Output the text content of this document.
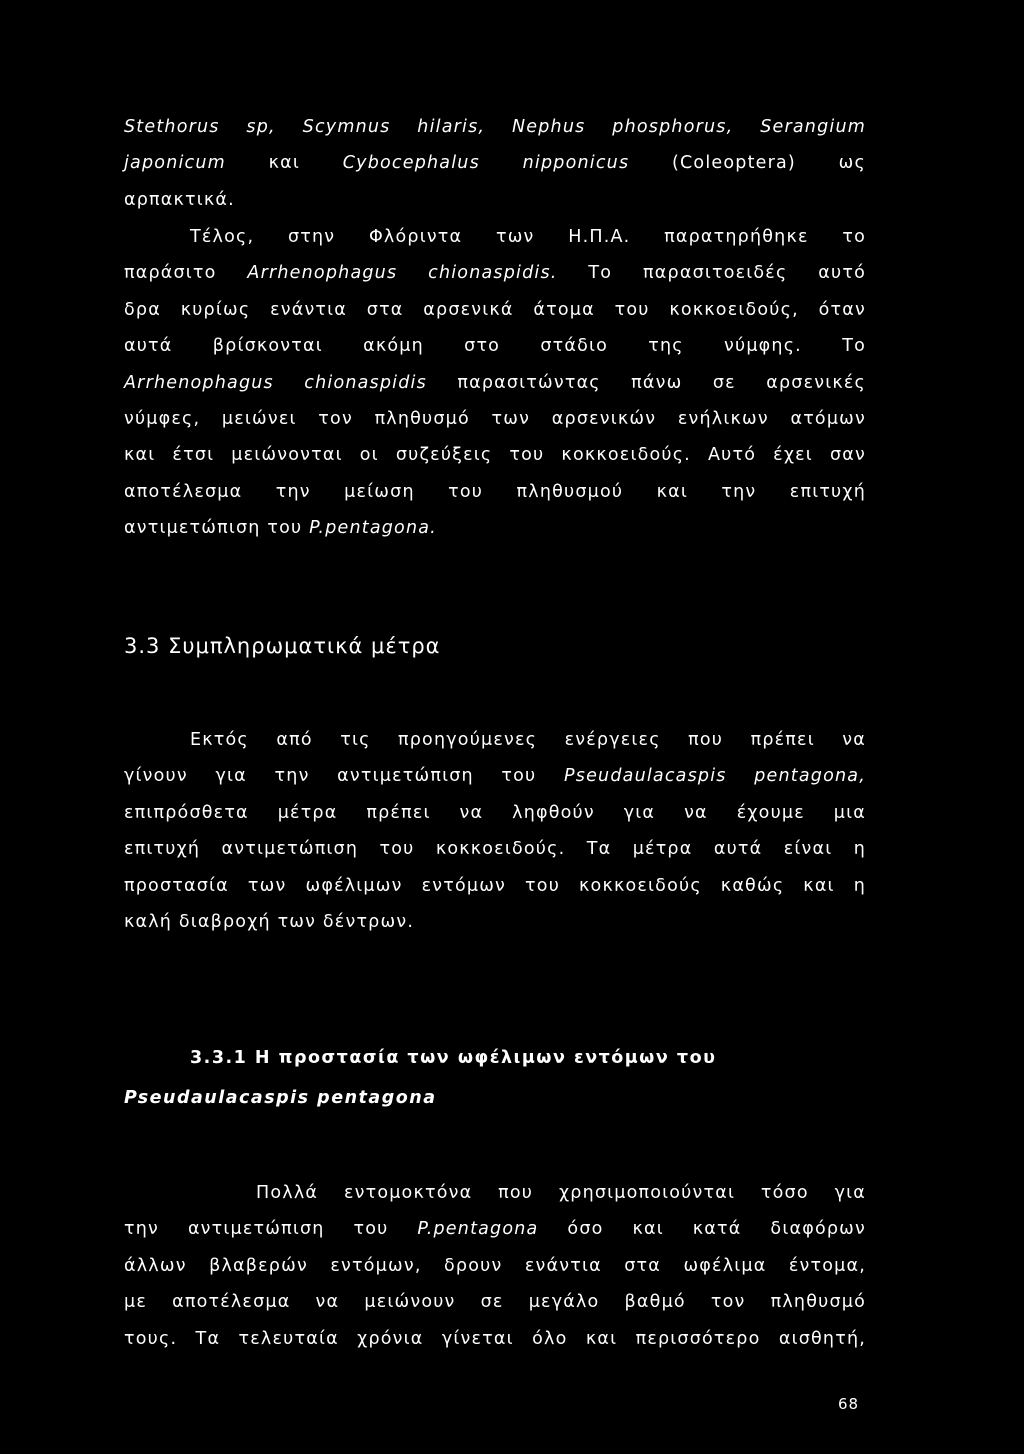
Stethorus sp, Scymnus hilaris, Nephus phosphorus, Serangium
japonicum και Cybocephalus nipponicus (Coleoptera) ως
αρπακτικά.
Τέλος, στην Φλόριντα των Η.Π.Α. παρατηρήθηκε το
παράσιτο Arrhenophagus chionaspidis. Το παρασιτοειδές αυτό
δρα κυρίως ενάντια στα αρσενικά άτομα του κοκκοειδούς, όταν
αυτά βρίσκονται ακόμη στο στάδιο της νύμφης. Το
Arrhenophagus chionaspidis παρασιτώντας πάνω σε αρσενικές
νύμφες, μειώνει τον πληθυσμό των αρσενικών ενήλικων ατόμων
και έτσι μειώνονται οι συζεύξεις του κοκκοειδούς. Αυτό έχει σαν
αποτέλεσμα την μείωση του πληθυσμού και την επιτυχή
αντιμετώπιση του P.pentagona.
3.3 Συμπληρωματικά μέτρα
Εκτός από τις προηγούμενες ενέργειες που πρέπει να
γίνουν για την αντιμετώπιση του Pseudaulacaspis pentagona,
επιπρόσθετα μέτρα πρέπει να ληφθούν για να έχουμε μια
επιτυχή αντιμετώπιση του κοκκοειδούς. Τα μέτρα αυτά είναι η
προστασία των ωφέλιμων εντόμων του κοκκοειδούς καθώς και η
καλή διαβροχή των δέντρων.
3.3.1 Η προστασία των ωφέλιμων εντόμων του
Pseudaulacaspis pentagona
Πολλά εντομοκτόνα που χρησιμοποιούνται τόσο για
την αντιμετώπιση του P.pentagona όσο και κατά διαφόρων
άλλων βλαβερών εντόμων, δρουν ενάντια στα ωφέλιμα έντομα,
με αποτέλεσμα να μειώνουν σε μεγάλο βαθμό τον πληθυσμό
τους. Τα τελευταία χρόνια γίνεται όλο και περισσότερο αισθητή,
68
